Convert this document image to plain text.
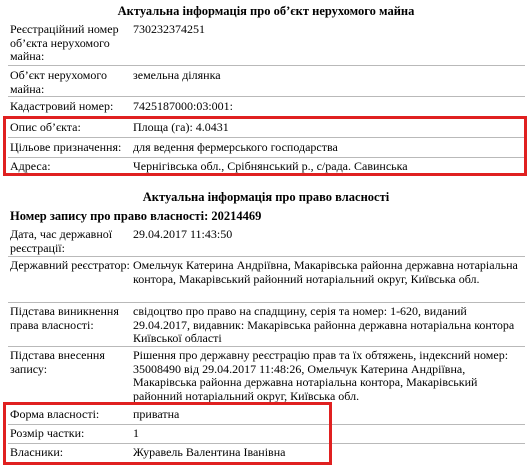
Актуальна інформація про об’єкт нерухомого майна
Реєстраційний номер об’єкта нерухомого майна:
730232374251
Об’єкт нерухомого майна:
земельна ділянка
Кадастровий номер:	7425187000:03:001:
Опис об’єкта:	Площа (га): 4.0431
Цільове призначення: для ведення фермерського господарства
Адреса:	Чернігівська обл., Срібнянський р., с/рада. Савинська
Актуальна інформація про право власності
Номер запису про право власності: 20214469
Дата, час державної реєстрації:
29.04.2017 11:43:50
Державний реєстратор: Омельчук Катерина Андріївна, Макарівська районна державна нотаріальна контора, Макарівський районний нотаріальний округ, Київська обл.
Підстава виникнення права власності:
свідоцтво про право на спадщину, серія та номер: 1-620, виданий 29.04.2017, видавник: Макарівська районна державна нотаріальна контора Київської області
Підстава внесення запису:
Рішення про державну реєстрацію прав та їх обтяжень, індексний номер: 35008490 від 29.04.2017 11:48:26, Омельчук Катерина Андріївна, Макарівська районна державна нотаріальна контора, Макарівський районний нотаріальний округ, Київська обл.
Форма власності:	приватна
Розмір частки:	1
Власники:	Журавель Валентина Іванівна
